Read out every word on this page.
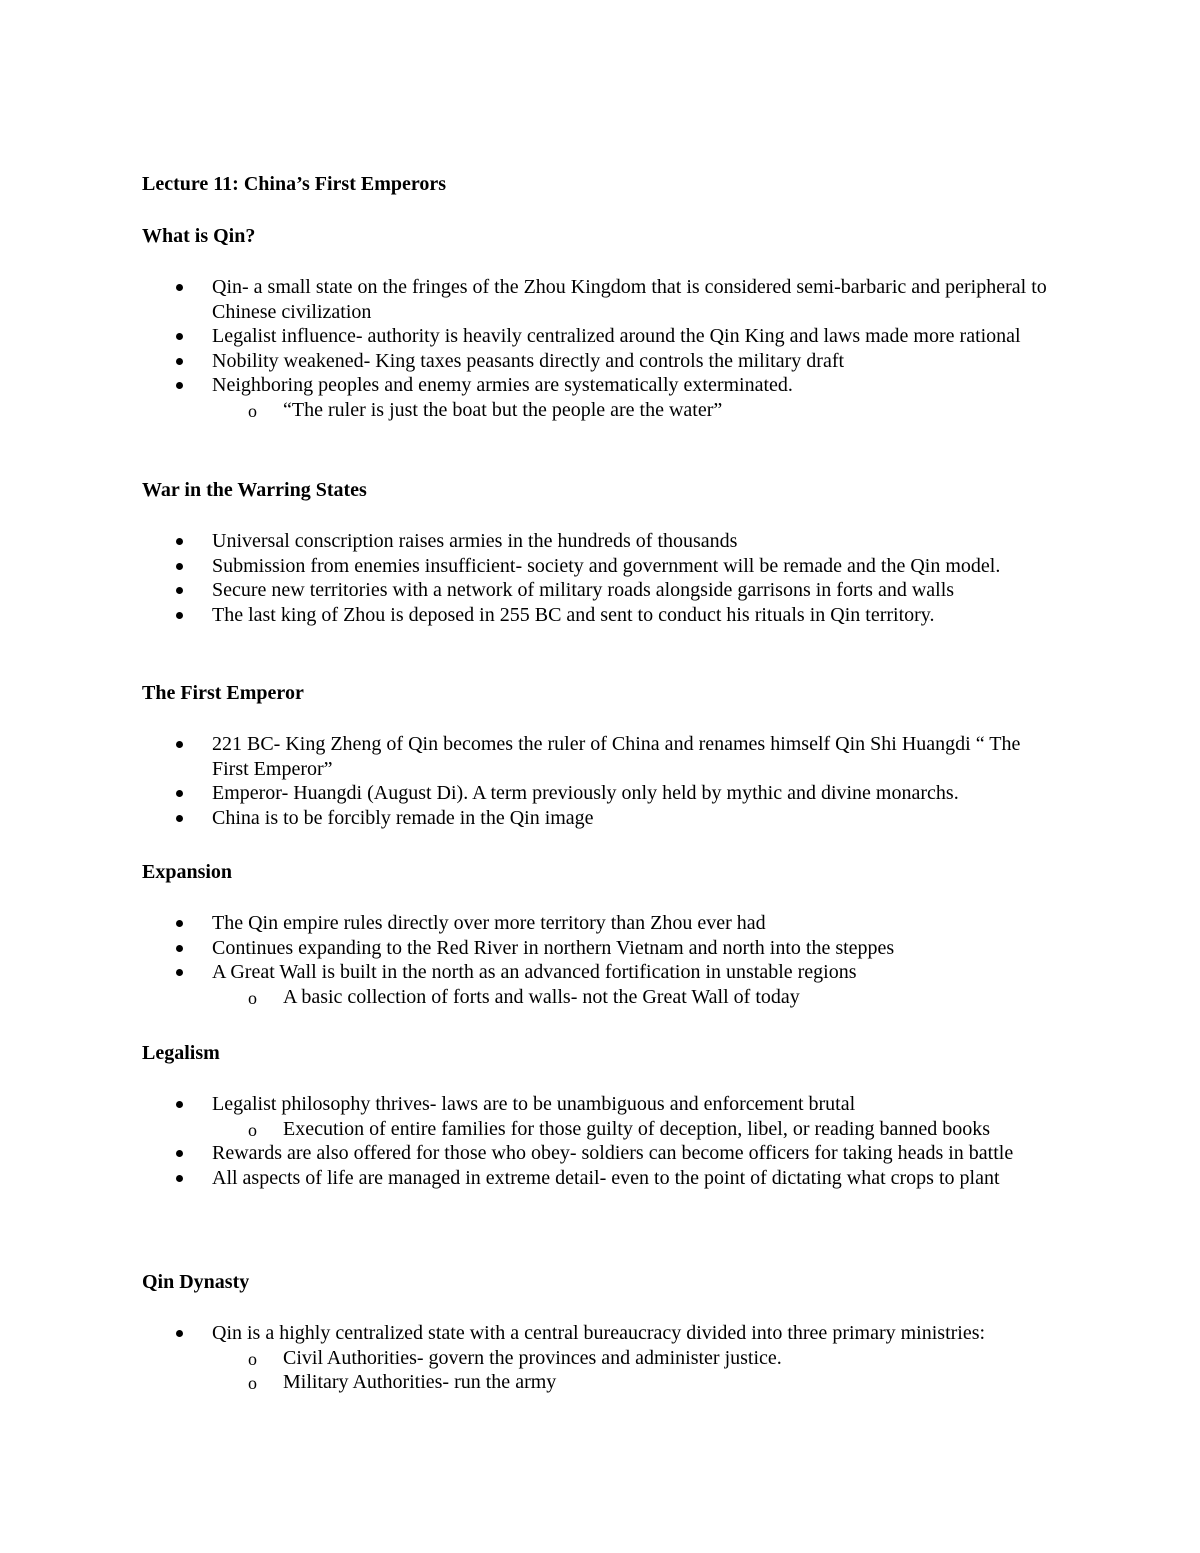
Lecture 11: China’s First Emperors
What is Qin?
Qin- a small state on the fringes of the Zhou Kingdom that is considered semi-barbaric and peripheral to Chinese civilization
Legalist influence- authority is heavily centralized around the Qin King and laws made more rational
Nobility weakened- King taxes peasants directly and controls the military draft
Neighboring peoples and enemy armies are systematically exterminated.
o “The ruler is just the boat but the people are the water”
War in the Warring States
Universal conscription raises armies in the hundreds of thousands
Submission from enemies insufficient- society and government will be remade and the Qin model.
Secure new territories with a network of military roads alongside garrisons in forts and walls
The last king of Zhou is deposed in 255 BC and sent to conduct his rituals in Qin territory.
The First Emperor
221 BC- King Zheng of Qin becomes the ruler of China and renames himself Qin Shi Huangdi “ The First Emperor”
Emperor- Huangdi (August Di). A term previously only held by mythic and divine monarchs.
China is to be forcibly remade in the Qin image
Expansion
The Qin empire rules directly over more territory than Zhou ever had
Continues expanding to the Red River in northern Vietnam and north into the steppes
A Great Wall is built in the north as an advanced fortification in unstable regions
o A basic collection of forts and walls- not the Great Wall of today
Legalism
Legalist philosophy thrives- laws are to be unambiguous and enforcement brutal
o Execution of entire families for those guilty of deception, libel, or reading banned books
Rewards are also offered for those who obey- soldiers can become officers for taking heads in battle
All aspects of life are managed in extreme detail- even to the point of dictating what crops to plant
Qin Dynasty
Qin is a highly centralized state with a central bureaucracy divided into three primary ministries:
o Civil Authorities- govern the provinces and administer justice.
o Military Authorities- run the army
